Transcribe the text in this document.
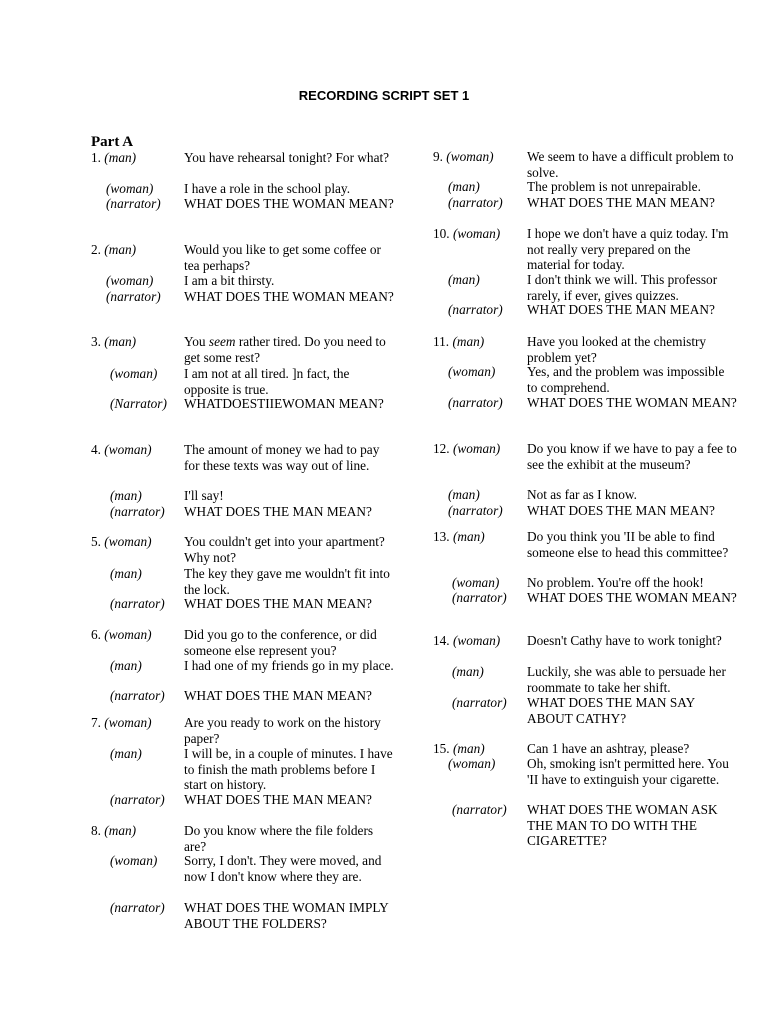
RECORDING SCRIPT SET 1
Part A
1. (man)	You have rehearsal tonight? For what?
(woman) I have a role in the school play.
(narrator) WHAT DOES THE WOMAN MEAN?
2. (man)	Would you like to get some coffee or tea perhaps?
(woman) I am a bit thirsty.
(narrator) WHAT DOES THE WOMAN MEAN?
3. (man)	You seem rather tired. Do you need to get some rest?
(woman) I am not at all tired. ]n fact, the opposite is true.
(Narrator) WHATDOESTIIEWOMAN MEAN?
4. (woman) The amount of money we had to pay for these texts was way out of line.
(man)	I'll say!
(narrator) WHAT DOES THE MAN MEAN?
5. (woman) You couldn't get into your apartment? Why not?
(man)	The key they gave me wouldn't fit into the lock.
(narrator) WHAT DOES THE MAN MEAN?
6. (woman) Did you go to the conference, or did someone else represent you?
(man)	I had one of my friends go in my place.
(narrator) WHAT DOES THE MAN MEAN?
7. (woman) Are you ready to work on the history paper?
(man)	I will be, in a couple of minutes. I have to finish the math problems before I start on history.
(narrator) WHAT DOES THE MAN MEAN?
8. (man)	Do you know where the file folders are?
(woman) Sorry, I don't. They were moved, and now I don't know where they are.
(narrator) WHAT DOES THE WOMAN IMPLY ABOUT THE FOLDERS?
9. (woman)	We seem to have a difficult problem to solve.
(man)	The problem is not unrepairable.
(narrator) WHAT DOES THE MAN MEAN?
10. (woman) I hope we don't have a quiz today. I'm not really very prepared on the material for today.
(man)	I don't think we will. This professor rarely, if ever, gives quizzes.
(narrator) WHAT DOES THE MAN MEAN?
11. (man)	Have you looked at the chemistry problem yet?
(woman) Yes, and the problem was impossible to comprehend.
(narrator) WHAT DOES THE WOMAN MEAN?
12. (woman) Do you know if we have to pay a fee to see the exhibit at the museum?
(man)	Not as far as I know.
(narrator) WHAT DOES THE MAN MEAN?
13. (man)	Do you think you 'II be able to find someone else to head this committee?
(woman) No problem. You're off the hook!
(narrator) WHAT DOES THE WOMAN MEAN?
14. (woman) Doesn't Cathy have to work tonight?
(man)	Luckily, she was able to persuade her roommate to take her shift.
(narrator) WHAT DOES THE MAN SAY ABOUT CATHY?
15. (man)	Can 1 have an ashtray, please?
(woman) Oh, smoking isn't permitted here. You 'II have to extinguish your cigarette.
(narrator) WHAT DOES THE WOMAN ASK THE MAN TO DO WITH THE CIGARETTE?
